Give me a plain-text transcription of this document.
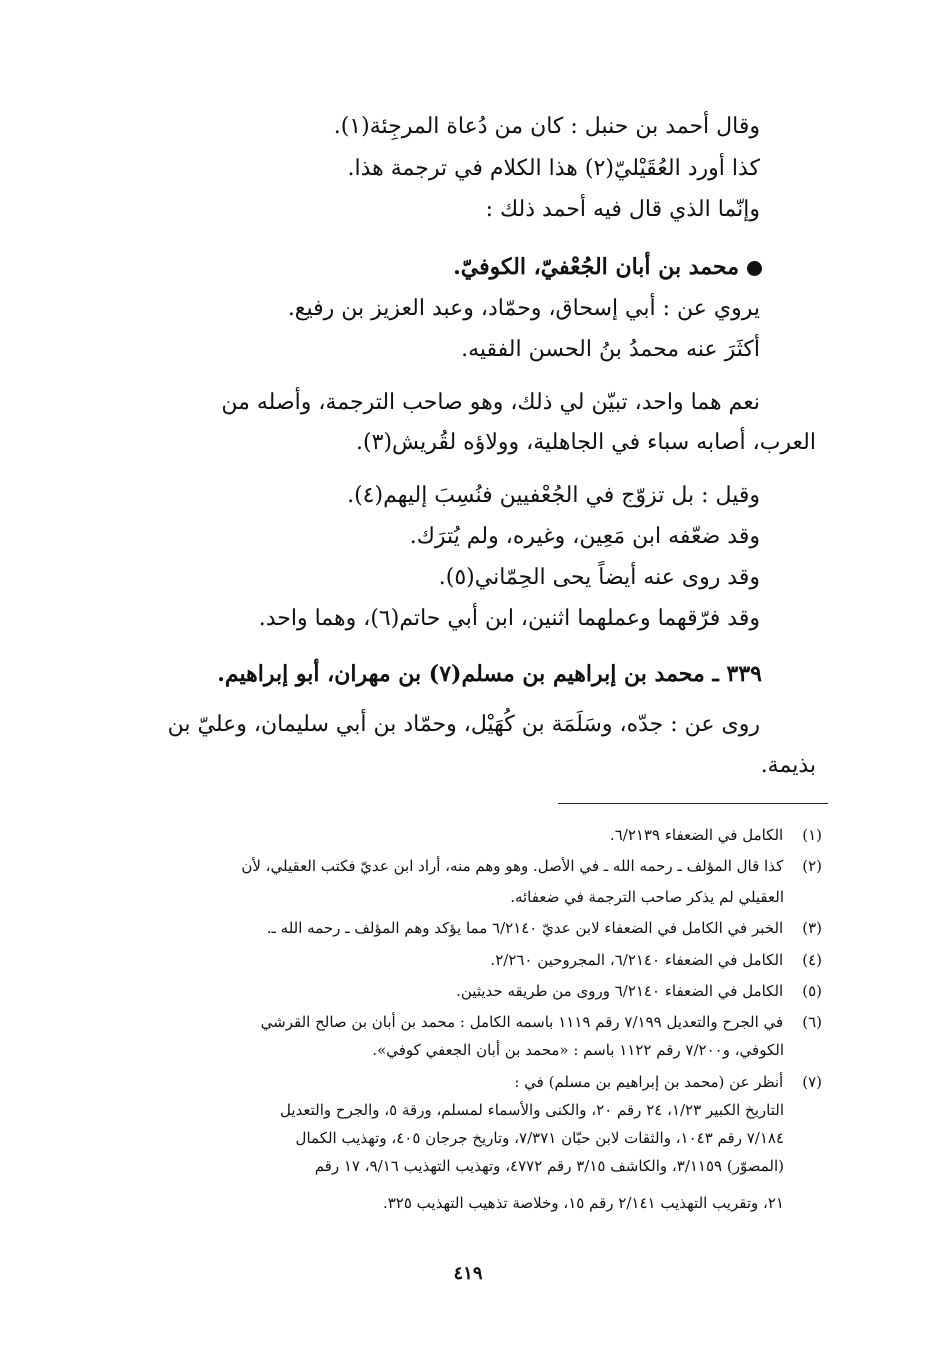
وقال أحمد بن حنبل : كان من دُعاة المرجِئة(١).
كذا أورد العُقَيْليّ(٢) هذا الكلام في ترجمة هذا.
وإنّما الذي قال فيه أحمد ذلك :
محمد بن أبان الجُعْفيّ، الكوفيّ.
يروي عن : أبي إسحاق، وحمّاد، وعبد العزيز بن رفيع.
أكثَرَ عنه محمدُ بنُ الحسن الفقيه.
نعم هما واحد، تبيّن لي ذلك، وهو صاحب الترجمة، وأصله من
العرب، أصابه سباء في الجاهلية، وولاؤه لقُريش(٣).
وقيل : بل تزوّج في الجُعْفيين فنُسِبَ إليهم(٤).
وقد ضعّفه ابن مَعِين، وغيره، ولم يُترَك.
وقد روى عنه أيضاً يحى الحِمّاني(٥).
وقد فرّقهما وعملهما اثنين، ابن أبي حاتم(٦)، وهما واحد.
٣٣٩ ـ محمد بن إبراهيم بن مسلم(٧) بن مهران، أبو إبراهيم.
روى عن : جدّه، وسَلَمَة بن كُهَيْل، وحمّاد بن أبي سليمان، وعليّ بن
بذيمة.
(١) الكامل في الضعفاء ٦/٢١٣٩.
(٢) كذا قال المؤلف ـ رحمه الله ـ في الأصل. وهو وهم منه، أراد ابن عديّ فكتب العقيلي، لأن
العقيلي لم يذكر صاحب الترجمة في ضعفائه.
(٣) الخبر في الكامل في الضعفاء لابن عديّ ٦/٢١٤٠ مما يؤكد وهم المؤلف ـ رحمه الله ـ.
(٤) الكامل في الضعفاء ٦/٢١٤٠، المجروحين ٢/٢٦٠.
(٥) الكامل في الضعفاء ٦/٢١٤٠ وروى من طريقه حديثين.
(٦) في الجرح والتعديل ٧/١٩٩ رقم ١١١٩ باسمه الكامل : محمد بن أبان بن صالح القرشي
الكوفي، و٧/٢٠٠ رقم ١١٢٢ باسم : «محمد بن أبان الجعفي كوفي».
(٧) أنظر عن (محمد بن إبراهيم بن مسلم) في :
التاريخ الكبير ١/٢٣، ٢٤ رقم ٢٠، والكنى والأسماء لمسلم، ورقة ٥، والجرح والتعديل
٧/١٨٤ رقم ١٠٤٣، والثقات لابن حبّان ٧/٣٧١، وتاريخ جرجان ٤٠٥، وتهذيب الكمال
(المصوّر) ٣/١١٥٩، والكاشف ٣/١٥ رقم ٤٧٧٢، وتهذيب التهذيب ٩/١٦، ١٧ رقم
٢١، وتقريب التهذيب ٢/١٤١ رقم ١٥، وخلاصة تذهيب التهذيب ٣٢٥.
٤١٩
